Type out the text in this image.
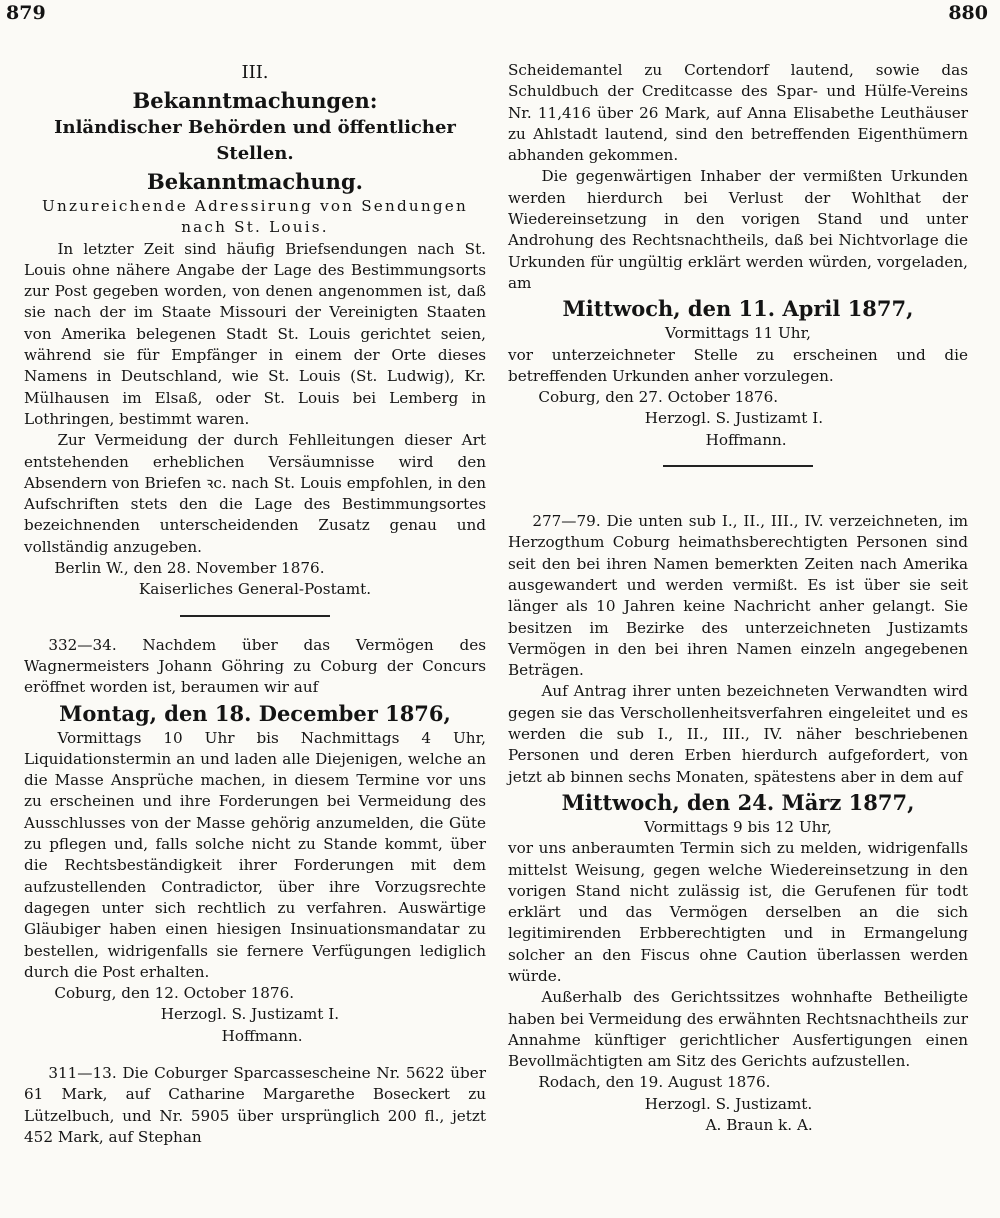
879	880

III.

Bekanntmachungen:

Inländischer Behörden und öffentlicher Stellen.

Bekanntmachung.

Unzureichende Adressirung von Sendungen

nach St. Louis.

In letzter Zeit sind häufig Briefsendungen nach St. Louis ohne nähere Angabe der Lage des Bestimmungsorts zur Post gegeben worden, von denen angenommen ist, daß sie nach der im Staate Missouri der Vereinigten Staaten von Amerika belegenen Stadt St. Louis gerichtet seien, während sie für Empfänger in einem der Orte dieses Namens in Deutschland, wie St. Louis (St. Ludwig), Kr. Mülhausen im Elsaß, oder St. Louis bei Lemberg in Lothringen, bestimmt waren.

Zur Vermeidung der durch Fehlleitungen dieser Art entstehenden erheblichen Versäumnisse wird den Absendern von Briefen ꝛc. nach St. Louis empfohlen, in den Aufschriften stets den die Lage des Bestimmungsortes bezeichnenden unterscheidenden Zusatz genau und vollständig anzugeben.

Berlin W., den 28. November 1876.

Kaiserliches General-Postamt.

332—34. Nachdem über das Vermögen des Wagnermeisters Johann Göhring zu Coburg der Concurs eröffnet worden ist, beraumen wir auf

Montag, den 18. December 1876,

Vormittags 10 Uhr bis Nachmittags 4 Uhr, Liquidationstermin an und laden alle Diejenigen, welche an die Masse Ansprüche machen, in diesem Termine vor uns zu erscheinen und ihre Forderungen bei Vermeidung des Ausschlusses von der Masse gehörig anzumelden, die Güte zu pflegen und, falls solche nicht zu Stande kommt, über die Rechtsbeständigkeit ihrer Forderungen mit dem aufzustellenden Contradictor, über ihre Vorzugsrechte dagegen unter sich rechtlich zu verfahren. Auswärtige Gläubiger haben einen hiesigen Insinuationsmandatar zu bestellen, widrigenfalls sie fernere Verfügungen lediglich durch die Post erhalten.

Coburg, den 12. October 1876.

Herzogl. S. Justizamt I.

Hoffmann.

311—13. Die Coburger Sparcassescheine Nr. 5622 über 61 Mark, auf Catharine Margarethe Boseckert zu Lützelbuch, und Nr. 5905 über ursprünglich 200 fl., jetzt 452 Mark, auf Stephan

Scheidemantel zu Cortendorf lautend, sowie das Schuldbuch der Creditcasse des Spar- und Hülfe-Vereins Nr. 11,416 über 26 Mark, auf Anna Elisabethe Leuthäuser zu Ahlstadt lautend, sind den betreffenden Eigenthümern abhanden gekommen.

Die gegenwärtigen Inhaber der vermißten Urkunden werden hierdurch bei Verlust der Wohlthat der Wiedereinsetzung in den vorigen Stand und unter Androhung des Rechtsnachtheils, daß bei Nichtvorlage die Urkunden für ungültig erklärt werden würden, vorgeladen, am

Mittwoch, den 11. April 1877,

Vormittags 11 Uhr,

vor unterzeichneter Stelle zu erscheinen und die betreffenden Urkunden anher vorzulegen.

Coburg, den 27. October 1876.

Herzogl. S. Justizamt I.

Hoffmann.

277—79. Die unten sub I., II., III., IV. verzeichneten, im Herzogthum Coburg heimathsberechtigten Personen sind seit den bei ihren Namen bemerkten Zeiten nach Amerika ausgewandert und werden vermißt. Es ist über sie seit länger als 10 Jahren keine Nachricht anher gelangt. Sie besitzen im Bezirke des unterzeichneten Justizamts Vermögen in den bei ihren Namen einzeln angegebenen Beträgen.

Auf Antrag ihrer unten bezeichneten Verwandten wird gegen sie das Verschollenheitsverfahren eingeleitet und es werden die sub I., II., III., IV. näher beschriebenen Personen und deren Erben hierdurch aufgefordert, von jetzt ab binnen sechs Monaten, spätestens aber in dem auf

Mittwoch, den 24. März 1877,

Vormittags 9 bis 12 Uhr,

vor uns anberaumten Termin sich zu melden, widrigenfalls mittelst Weisung, gegen welche Wiedereinsetzung in den vorigen Stand nicht zulässig ist, die Gerufenen für todt erklärt und das Vermögen derselben an die sich legitimirenden Erbberechtigten und in Ermangelung solcher an den Fiscus ohne Caution überlassen werden würde.

Außerhalb des Gerichtssitzes wohnhafte Betheiligte haben bei Vermeidung des erwähnten Rechtsnachtheils zur Annahme künftiger gerichtlicher Ausfertigungen einen Bevollmächtigten am Sitz des Gerichts aufzustellen.

Rodach, den 19. August 1876.

Herzogl. S. Justizamt.

A. Braun k. A.
